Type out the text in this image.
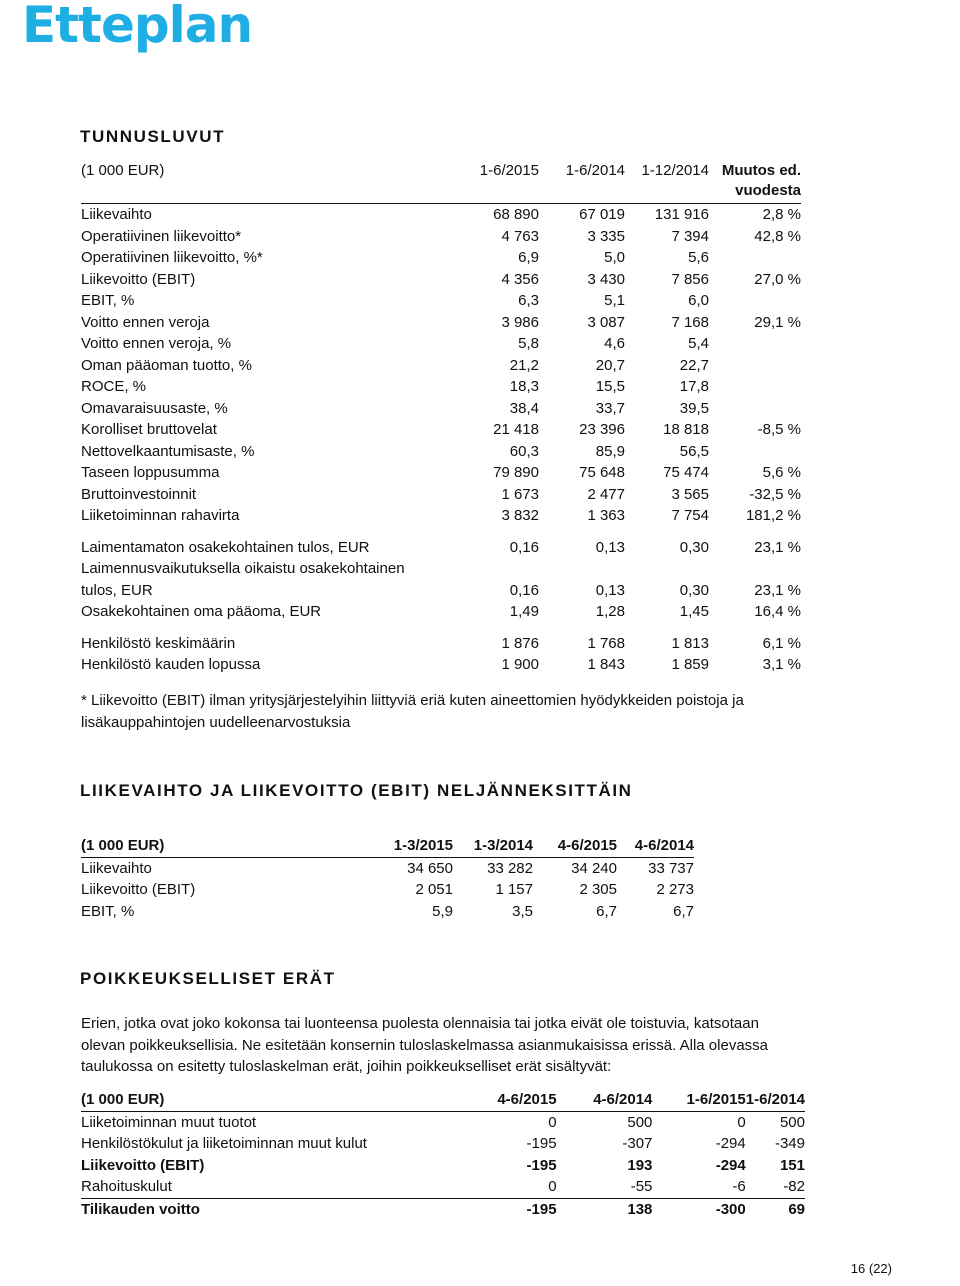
Etteplan
TUNNUSLUVUT
(1 000 EUR)	1-6/2015	1-6/2014	1-12/2014	Muutos ed.
				vuodesta
Liikevaihto	68 890	67 019	131 916	2,8 %
Operatiivinen liikevoitto*	4 763	3 335	7 394	42,8 %
Operatiivinen liikevoitto, %*	6,9	5,0	5,6	
Liikevoitto (EBIT)	4 356	3 430	7 856	27,0 %
EBIT, %	6,3	5,1	6,0	
Voitto ennen veroja	3 986	3 087	7 168	29,1 %
Voitto ennen veroja, %	5,8	4,6	5,4	
Oman pääoman tuotto, %	21,2	20,7	22,7	
ROCE, %	18,3	15,5	17,8	
Omavaraisuusaste, %	38,4	33,7	39,5	
Korolliset bruttovelat	21 418	23 396	18 818	-8,5 %
Nettovelkaantumisaste, %	60,3	85,9	56,5	
Taseen loppusumma	79 890	75 648	75 474	5,6 %
Bruttoinvestoinnit	1 673	2 477	3 565	-32,5 %
Liiketoiminnan rahavirta	3 832	1 363	7 754	181,2 %
Laimentamaton osakekohtainen tulos, EUR	0,16	0,13	0,30	23,1 %
Laimennusvaikutuksella oikaistu osakekohtainen				
tulos, EUR	0,16	0,13	0,30	23,1 %
Osakekohtainen oma pääoma, EUR	1,49	1,28	1,45	16,4 %
Henkilöstö keskimäärin	1 876	1 768	1 813	6,1 %
Henkilöstö kauden lopussa	1 900	1 843	1 859	3,1 %
* Liikevoitto (EBIT) ilman yritysjärjestelyihin liittyviä eriä kuten aineettomien hyödykkeiden poistoja ja
lisäkauppahintojen uudelleenarvostuksia
LIIKEVAIHTO JA LIIKEVOITTO (EBIT) NELJÄNNEKSITTÄIN
(1 000 EUR)	1-3/2015	1-3/2014	4-6/2015	4-6/2014
Liikevaihto	34 650	33 282	34 240	33 737
Liikevoitto (EBIT)	2 051	1 157	2 305	2 273
EBIT, %	5,9	3,5	6,7	6,7
POIKKEUKSELLISET ERÄT
Erien, jotka ovat joko kokonsa tai luonteensa puolesta olennaisia tai jotka eivät ole toistuvia, katsotaan
olevan poikkeuksellisia. Ne esitetään konsernin tuloslaskelmassa asianmukaisissa erissä. Alla olevassa
taulukossa on esitetty tuloslaskelman erät, joihin poikkeukselliset erät sisältyvät:
(1 000 EUR)	4-6/2015	4-6/2014	1-6/2015	1-6/2014
Liiketoiminnan muut tuotot	0	500	0	500
Henkilöstökulut ja liiketoiminnan muut kulut	-195	-307	-294	-349
Liikevoitto (EBIT)	-195	193	-294	151
Rahoituskulut	0	-55	-6	-82
Tilikauden voitto	-195	138	-300	69
16 (22)
